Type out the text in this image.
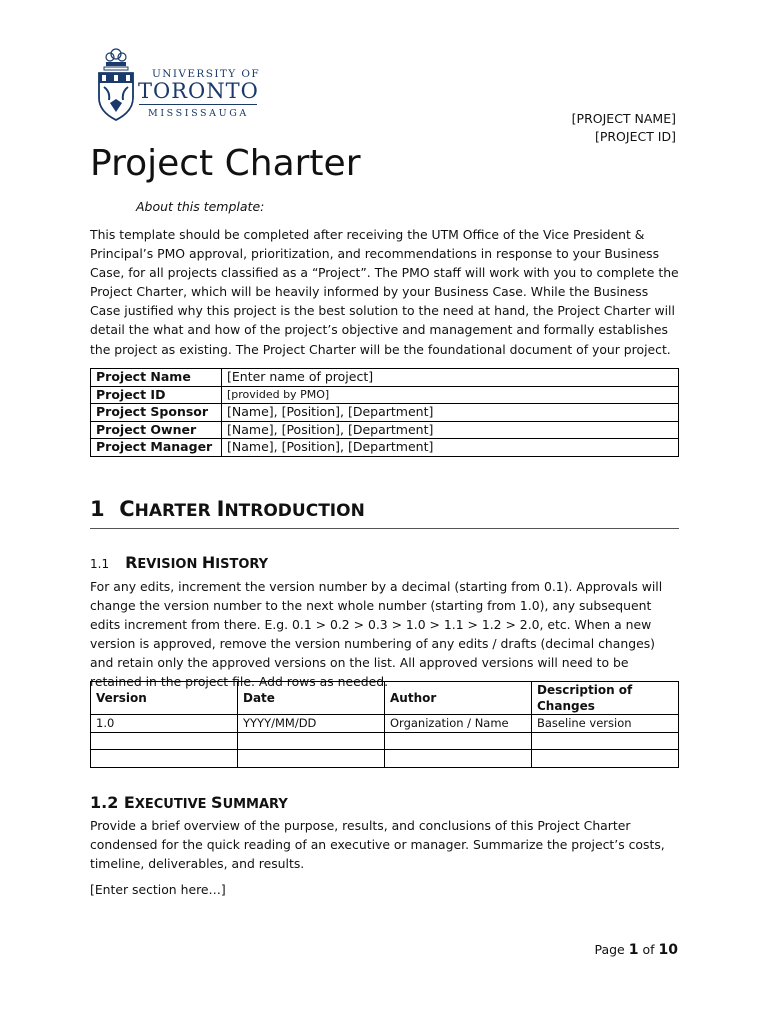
UNIVERSITY OF
TORONTO
MISSISSAUGA	[PROJECT NAME]
[PROJECT ID]
Project Charter
About this template:
This template should be completed after receiving the UTM Office of the Vice President & Principal’s PMO approval, prioritization, and recommendations in response to your Business Case, for all projects classified as a “Project”. The PMO staff will work with you to complete the Project Charter, which will be heavily informed by your Business Case. While the Business Case justified why this project is the best solution to the need at hand, the Project Charter will detail the what and how of the project’s objective and management and formally establishes the project as existing. The Project Charter will be the foundational document of your project.
Project Name	[Enter name of project]
Project ID	[provided by PMO]
Project Sponsor	[Name], [Position], [Department]
Project Owner	[Name], [Position], [Department]
Project Manager	[Name], [Position], [Department]
1 CHARTER INTRODUCTION
1.1 REVISION HISTORY
For any edits, increment the version number by a decimal (starting from 0.1). Approvals will change the version number to the next whole number (starting from 1.0), any subsequent edits increment from there. E.g. 0.1 > 0.2 > 0.3 > 1.0 > 1.1 > 1.2 > 2.0, etc. When a new version is approved, remove the version numbering of any edits / drafts (decimal changes) and retain only the approved versions on the list. All approved versions will need to be retained in the project file. Add rows as needed.
Version	Date	Author	Description of Changes
1.0	YYYY/MM/DD	Organization / Name	Baseline version

1.2 EXECUTIVE SUMMARY
Provide a brief overview of the purpose, results, and conclusions of this Project Charter condensed for the quick reading of an executive or manager. Summarize the project’s costs, timeline, deliverables, and results.
[Enter section here…]
Page 1 of 10
